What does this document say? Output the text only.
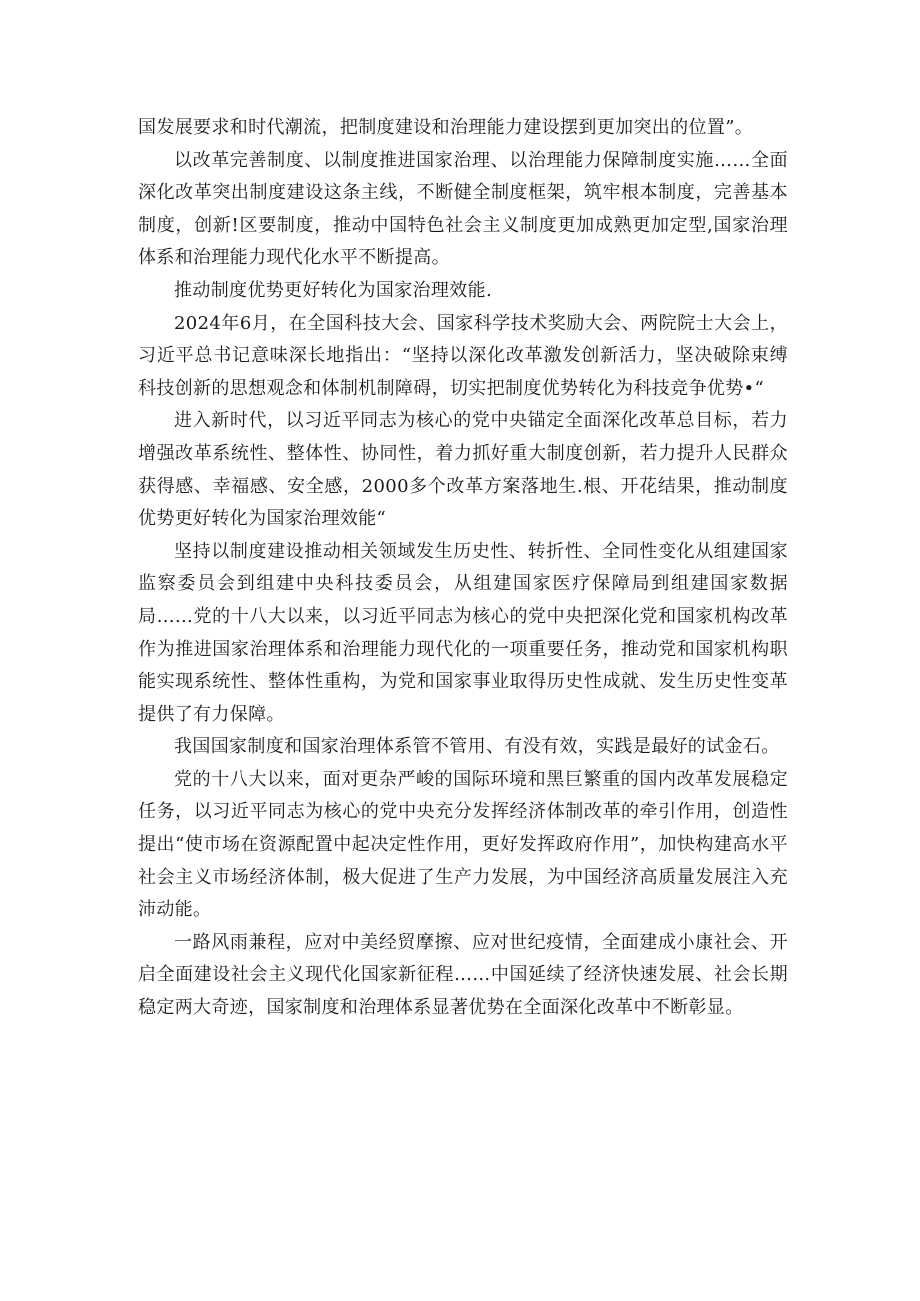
国发展要求和时代潮流，把制度建设和治理能力建设摆到更加突出的位置”。

以改革完善制度、以制度推进国家治理、以治理能力保障制度实施……全面深化改革突出制度建设这条主线，不断健全制度框架，筑牢根本制度，完善基本制度，创新!区要制度，推动中国特色社会主义制度更加成熟更加定型,国家治理体系和治理能力现代化水平不断提高。

推动制度优势更好转化为国家治理效能.

2024年6月，在全国科技大会、国家科学技术奖励大会、两院院士大会上，习近平总书记意味深长地指出：“坚持以深化改革激发创新活力，坚决破除束缚科技创新的思想观念和体制机制障碍，切实把制度优势转化为科技竞争优势•“

进入新时代，以习近平同志为核心的党中央锚定全面深化改革总目标，若力增强改革系统性、整体性、协同性，着力抓好重大制度创新，若力提升人民群众获得感、幸福感、安全感，2000多个改革方案落地生.根、开花结果，推动制度优势更好转化为国家治理效能“

坚持以制度建设推动相关领域发生历史性、转折性、全同性变化从组建国家监察委员会到组建中央科技委员会，从组建国家医疗保障局到组建国家数据局……党的十八大以来，以习近平同志为核心的党中央把深化党和国家机构改革作为推进国家治理体系和治理能力现代化的一项重要任务，推动党和国家机构职能实现系统性、整体性重构，为党和国家事业取得历史性成就、发生历史性变革提供了有力保障。

我国国家制度和国家治理体系管不管用、有没有效，实践是最好的试金石。

党的十八大以来，面对更杂严峻的国际环境和黑巨繁重的国内改革发展稳定任务，以习近平同志为核心的党中央充分发挥经济体制改革的牵引作用，创造性提出“使市场在资源配置中起决定性作用，更好发挥政府作用”，加快构建高水平社会主义市场经济体制，极大促进了生产力发展，为中国经济高质量发展注入充沛动能。

一路风雨兼程，应对中美经贸摩擦、应对世纪疫情，全面建成小康社会、开启全面建设社会主义现代化国家新征程……中国延续了经济快速发展、社会长期稳定两大奇迹，国家制度和治理体系显著优势在全面深化改革中不断彰显。
